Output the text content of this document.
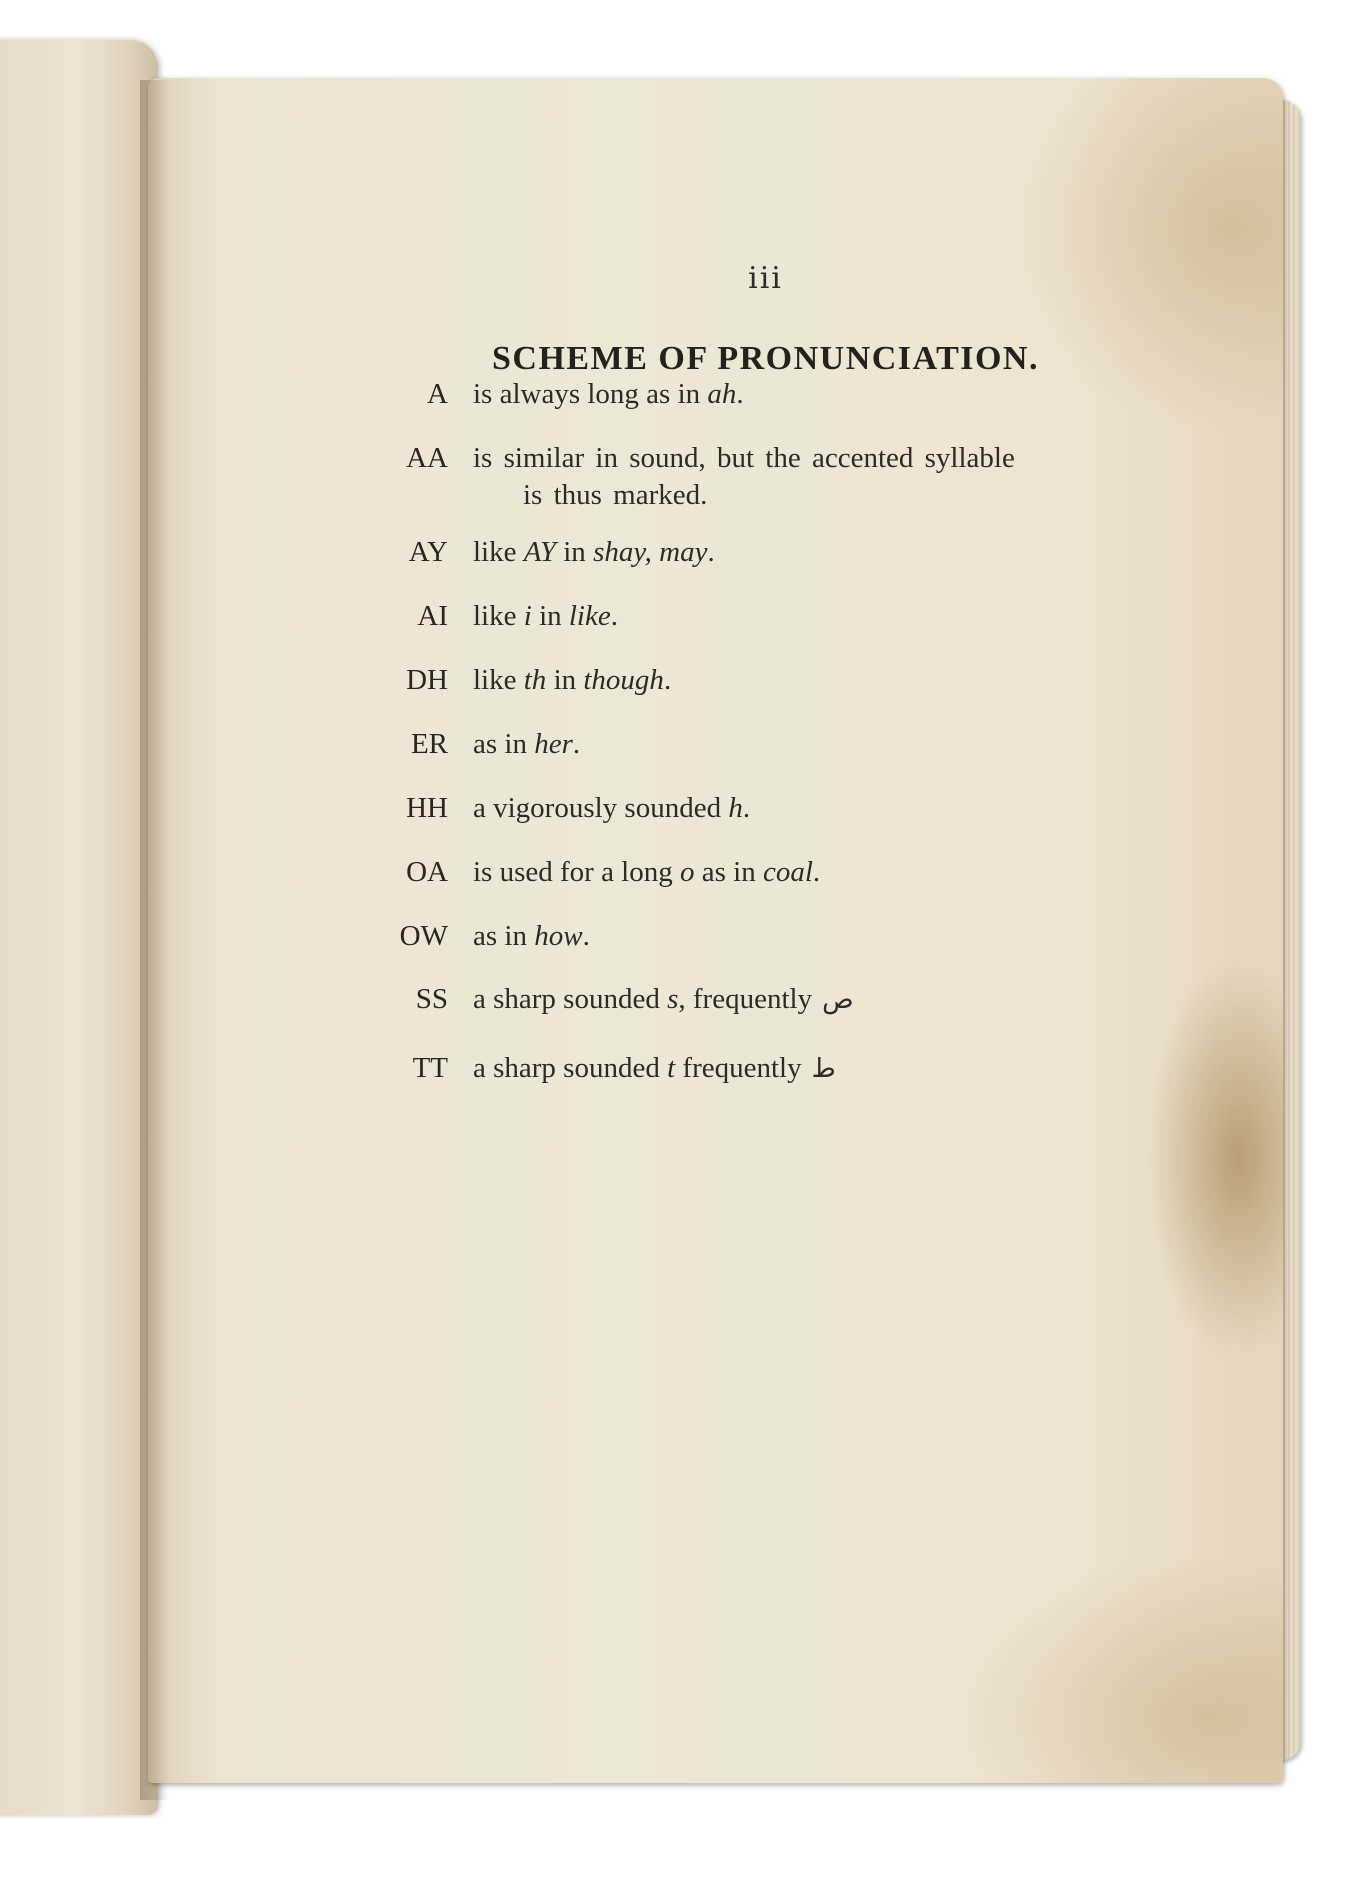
iii
SCHEME OF PRONUNCIATION.
A is always long as in ah.
AA is similar in sound, but the accented syllable
is thus marked.
AY like AY in shay, may.
AI like i in like.
DH like th in though.
ER as in her.
HH a vigorously sounded h.
OA is used for a long o as in coal.
OW as in how.
SS a sharp sounded s, frequently ص
TT a sharp sounded t frequently ط
